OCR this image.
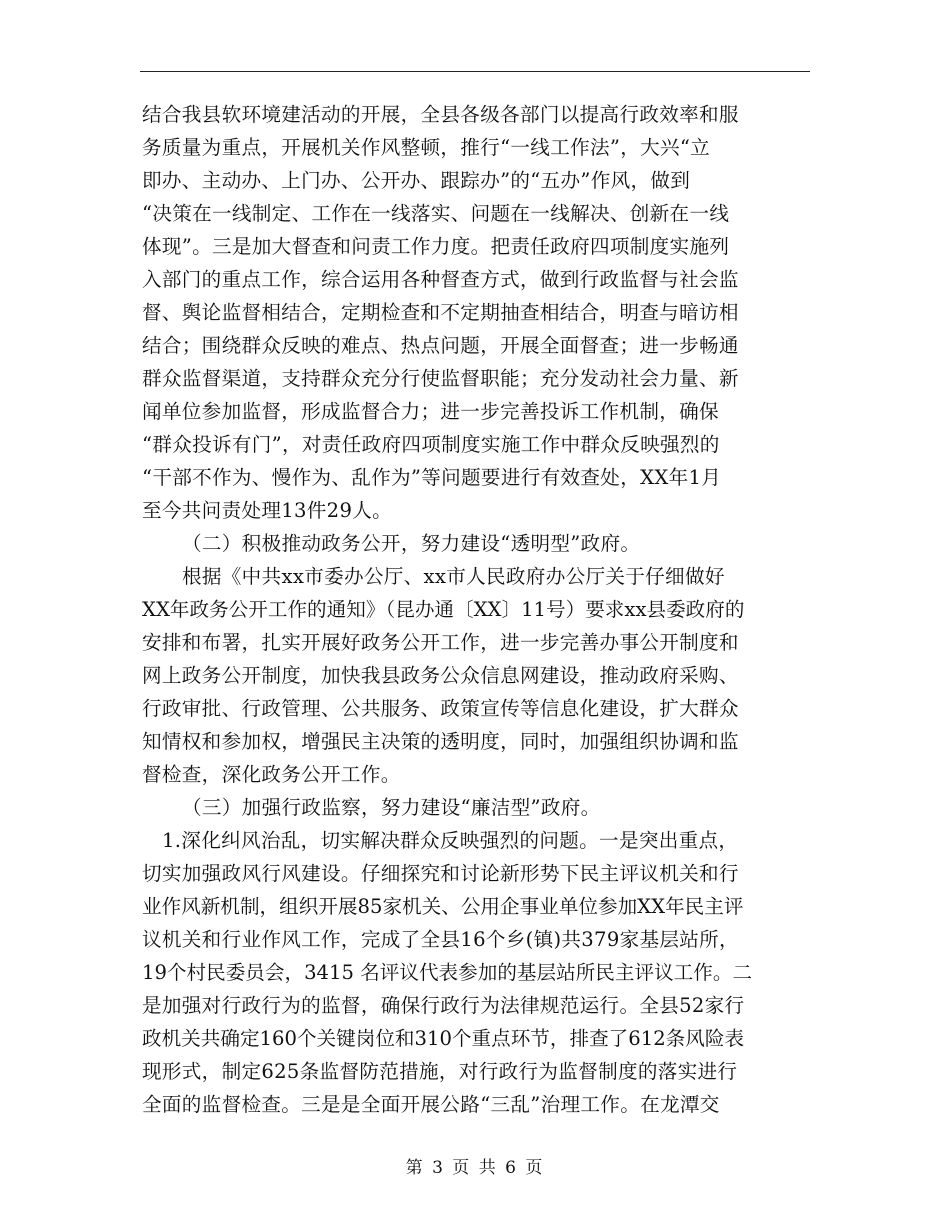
结合我县软环境建活动的开展，全县各级各部门以提高行政效率和服
务质量为重点，开展机关作风整顿，推行“一线工作法”，大兴“立
即办、主动办、上门办、公开办、跟踪办”的“五办”作风，做到
“决策在一线制定、工作在一线落实、问题在一线解决、创新在一线
体现”。三是加大督查和问责工作力度。把责任政府四项制度实施列
入部门的重点工作，综合运用各种督查方式，做到行政监督与社会监
督、舆论监督相结合，定期检查和不定期抽查相结合，明查与暗访相
结合；围绕群众反映的难点、热点问题，开展全面督查；进一步畅通
群众监督渠道，支持群众充分行使监督职能；充分发动社会力量、新
闻单位参加监督，形成监督合力；进一步完善投诉工作机制，确保
“群众投诉有门”，对责任政府四项制度实施工作中群众反映强烈的
“干部不作为、慢作为、乱作为”等问题要进行有效查处，XX年1月
至今共问责处理13件29人。
（二）积极推动政务公开，努力建设“透明型”政府。
根据《中共xx市委办公厅、xx市人民政府办公厅关于仔细做好
XX年政务公开工作的通知》（昆办通〔XX〕11号）要求xx县委政府的
安排和布署，扎实开展好政务公开工作，进一步完善办事公开制度和
网上政务公开制度，加快我县政务公众信息网建设，推动政府采购、
行政审批、行政管理、公共服务、政策宣传等信息化建设，扩大群众
知情权和参加权，增强民主决策的透明度，同时，加强组织协调和监
督检查，深化政务公开工作。
（三）加强行政监察，努力建设“廉洁型”政府。
1.深化纠风治乱，切实解决群众反映强烈的问题。一是突出重点，
切实加强政风行风建设。仔细探究和讨论新形势下民主评议机关和行
业作风新机制，组织开展85家机关、公用企事业单位参加XX年民主评
议机关和行业作风工作，完成了全县16个乡(镇)共379家基层站所，
19个村民委员会，3415 名评议代表参加的基层站所民主评议工作。二
是加强对行政行为的监督，确保行政行为法律规范运行。全县52家行
政机关共确定160个关键岗位和310个重点环节，排查了612条风险表
现形式，制定625条监督防范措施，对行政行为监督制度的落实进行
全面的监督检查。三是是全面开展公路“三乱”治理工作。在龙潭交
第 3 页 共 6 页
